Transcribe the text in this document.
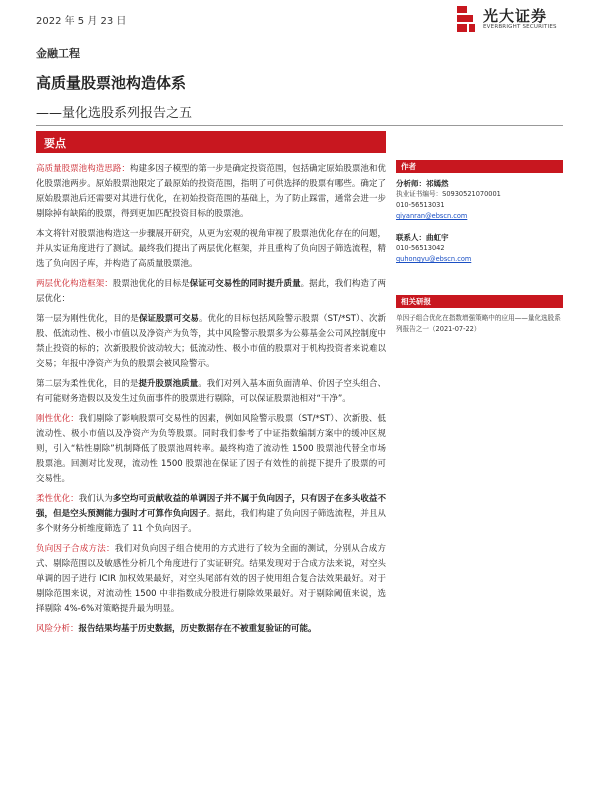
2022 年 5 月 23 日	光大证券
EVERBRIGHT SECURITIES
金融工程
高质量股票池构造体系
——量化选股系列报告之五
要点

高质量股票池构造思路：构建多因子模型的第一步是确定投资范围，包括确定原始股票池和优化股票池两步。原始股票池限定了最原始的投资范围，指明了可供选择的股票有哪些。确定了原始股票池后还需要对其进行优化，在初始投资范围的基础上，为了防止踩雷，通常会进一步剔除掉有缺陷的股票，得到更加匹配投资目标的股票池。

本文将针对股票池构造这一步骤展开研究，从更为宏观的视角审视了股票池优化存在的问题，并从实证角度进行了测试。最终我们提出了两层优化框架，并且重构了负向因子筛选流程，精选了负向因子库，并构造了高质量股票池。

两层优化构造框架：股票池优化的目标是保证可交易性的同时提升质量。据此，我们构造了两层优化：

第一层为刚性优化，目的是保证股票可交易。优化的目标包括风险警示股票（ST/*ST）、次新股、低流动性、极小市值以及净资产为负等，其中风险警示股票多为公募基金公司风控制度中禁止投资的标的；次新股股价波动较大；低流动性、极小市值的股票对于机构投资者来说难以交易；年报中净资产为负的股票会被风险警示。

第二层为柔性优化，目的是提升股票池质量。我们对列入基本面负面清单、价因子空头组合、有可能财务造假以及发生过负面事件的股票进行剔除，可以保证股票池相对“干净”。

刚性优化：我们剔除了影响股票可交易性的因素，例如风险警示股票（ST/*ST）、次新股、低流动性、极小市值以及净资产为负等股票。同时我们参考了中证指数编制方案中的缓冲区规则，引入“粘性剔除”机制降低了股票池周转率。最终构造了流动性 1500 股票池代替全市场股票池。回测对比发现，流动性 1500 股票池在保证了因子有效性的前提下提升了股票的可交易性。

柔性优化：我们认为多空均可贡献收益的单调因子并不属于负向因子，只有因子在多头收益不强，但是空头预测能力强时才可算作负向因子。据此，我们构建了负向因子筛选流程，并且从多个财务分析维度筛选了 11 个负向因子。

负向因子合成方法：我们对负向因子组合使用的方式进行了较为全面的测试，分别从合成方式、剔除范围以及敏感性分析几个角度进行了实证研究。结果发现对于合成方法来说，对空头单调的因子进行 ICIR 加权效果最好，对空头尾部有效的因子使用组合复合法效果最好。对于剔除范围来说，对流动性 1500 中非指数成分股进行剔除效果最好。对于剔除阈值来说，选择剔除 4%-6%对策略提升最为明显。

风险分析：报告结果均基于历史数据，历史数据存在不被重复验证的可能。

作者
分析师：祁嫣然
执业证书编号：S0930521070001
010-56513031
qiyanran@ebscn.com
联系人：曲虹宇
010-56513042
quhongyu@ebscn.com
相关研报
单因子组合优化在指数增强策略中的应用——量化选股系列报告之一（2021-07-22）
